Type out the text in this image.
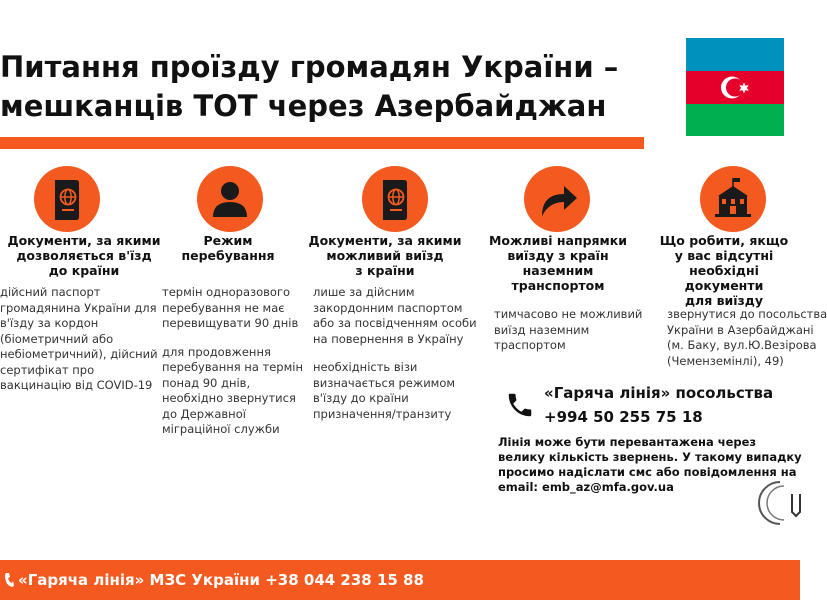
Питання проїзду громадян України –
мешканців ТОТ через Азербайджан
Документи, за якими
дозволяється в'їзд
до країни
Режим
перебування
Документи, за якими
можливий виїзд
з країни
Можливі напрямки
виїзду з країн
наземним
транспортом
Що робити, якщо
у вас відсутні
необхідні документи
для виїзду

дійсний паспорт
громадянина України для
в'їзду за кордон
(біометричний або
небіометричний), дійсний
сертифікат про
вакцинацію від COVID-19

термін одноразового
перебування не має
перевищувати 90 днів

для продовження
перебування на термін
понад 90 днів,
необхідно звернутися
до Державної
міграційної служби

лише за дійсним
закордонним паспортом
або за посвідченням особи
на повернення в Україну

необхідність візи
визначається режимом
в'їзду до країни
призначення/транзиту

тимчасово не можливий
виїзд наземним
траспортом

звернутися до посольства
України в Азербайджані
(м. Баку, вул.Ю.Везірова
(Чеменземінлі), 49)

«Гаряча лінія» посольства
+994 50 255 75 18
Лінія може бути перевантажена через велику кількість звернень. У такому випадку просимо надіслати смс або повідомлення на email: emb_az@mfa.gov.ua
«Гаряча лінія» МЗС України +38 044 238 15 88
